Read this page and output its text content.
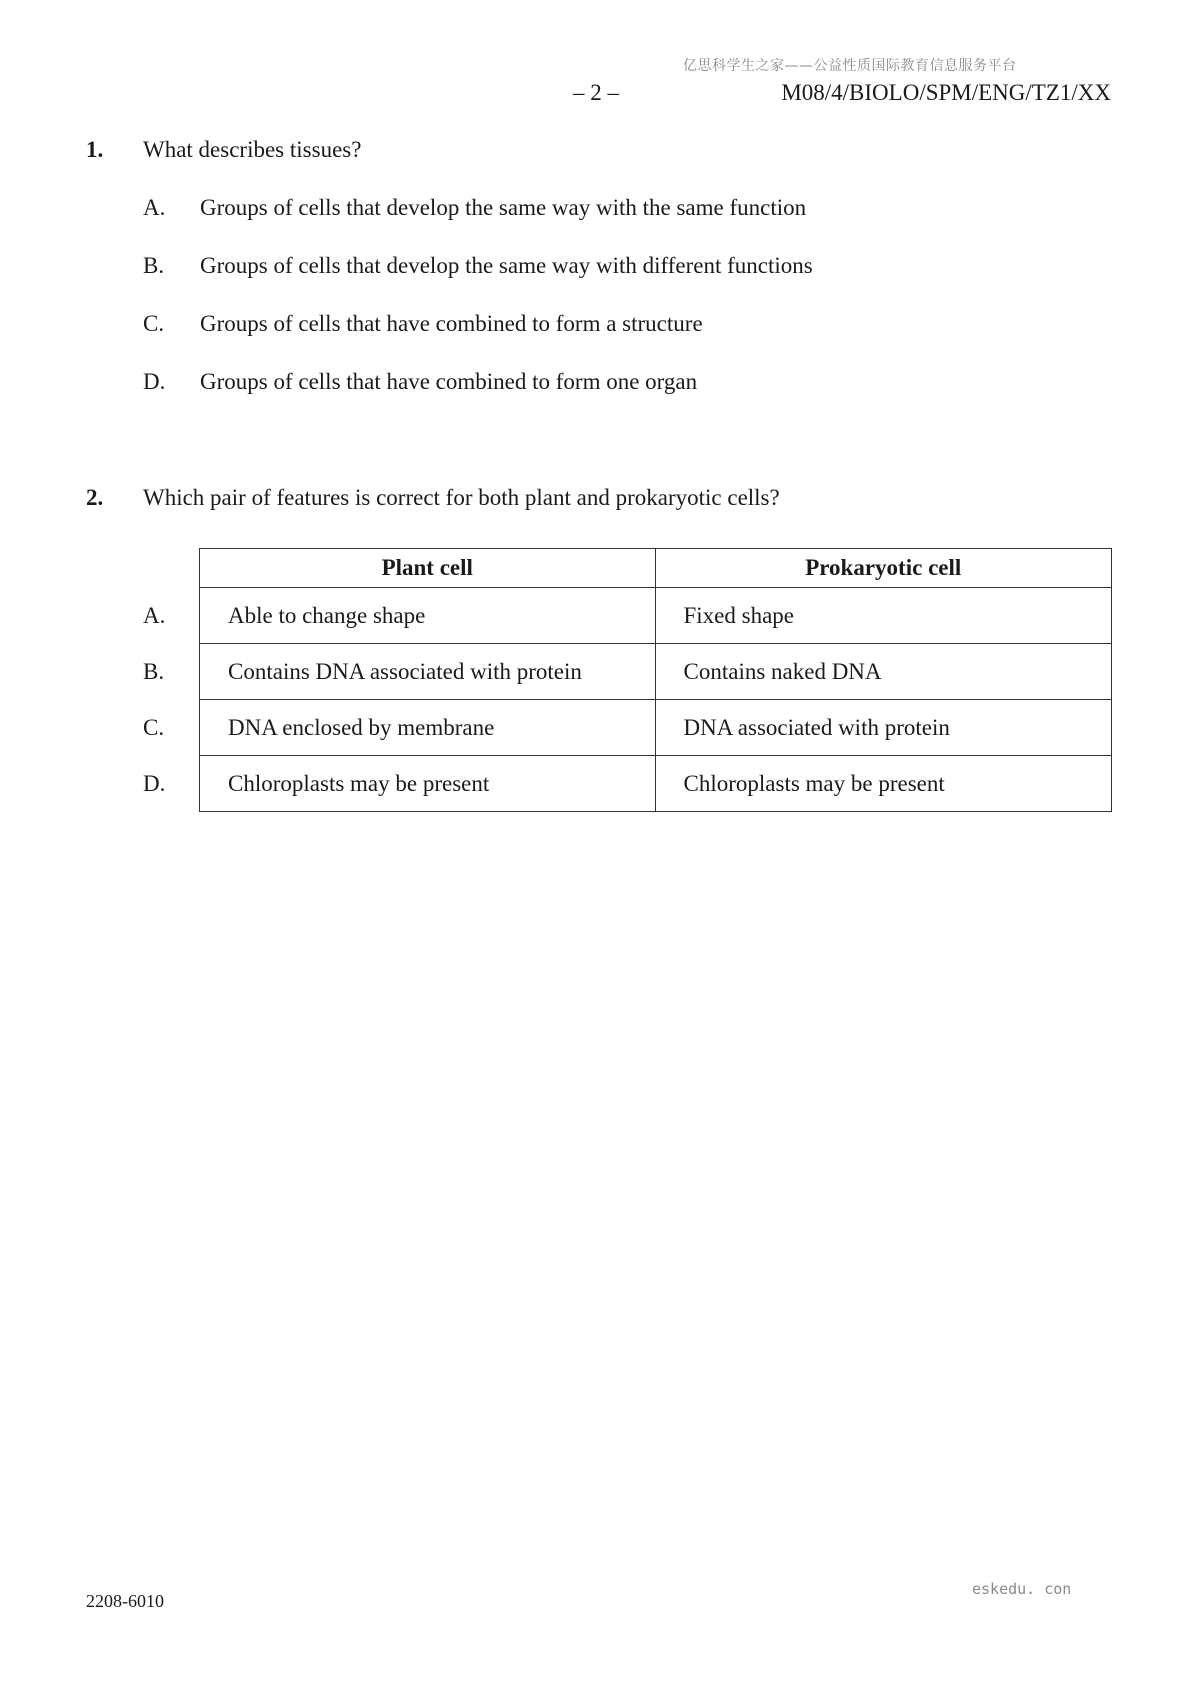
亿思科学生之家——公益性质国际教育信息服务平台
– 2 –	M08/4/BIOLO/SPM/ENG/TZ1/XX
1. What describes tissues?
A. Groups of cells that develop the same way with the same function
B. Groups of cells that develop the same way with different functions
C. Groups of cells that have combined to form a structure
D. Groups of cells that have combined to form one organ
2. Which pair of features is correct for both plant and prokaryotic cells?
Plant cell	Prokaryotic cell
Able to change shape	Fixed shape
Contains DNA associated with protein	Contains naked DNA
DNA enclosed by membrane	DNA associated with protein
Chloroplasts may be present	Chloroplasts may be present
A.
B.
C.
D.
2208-6010
eskedu. con
